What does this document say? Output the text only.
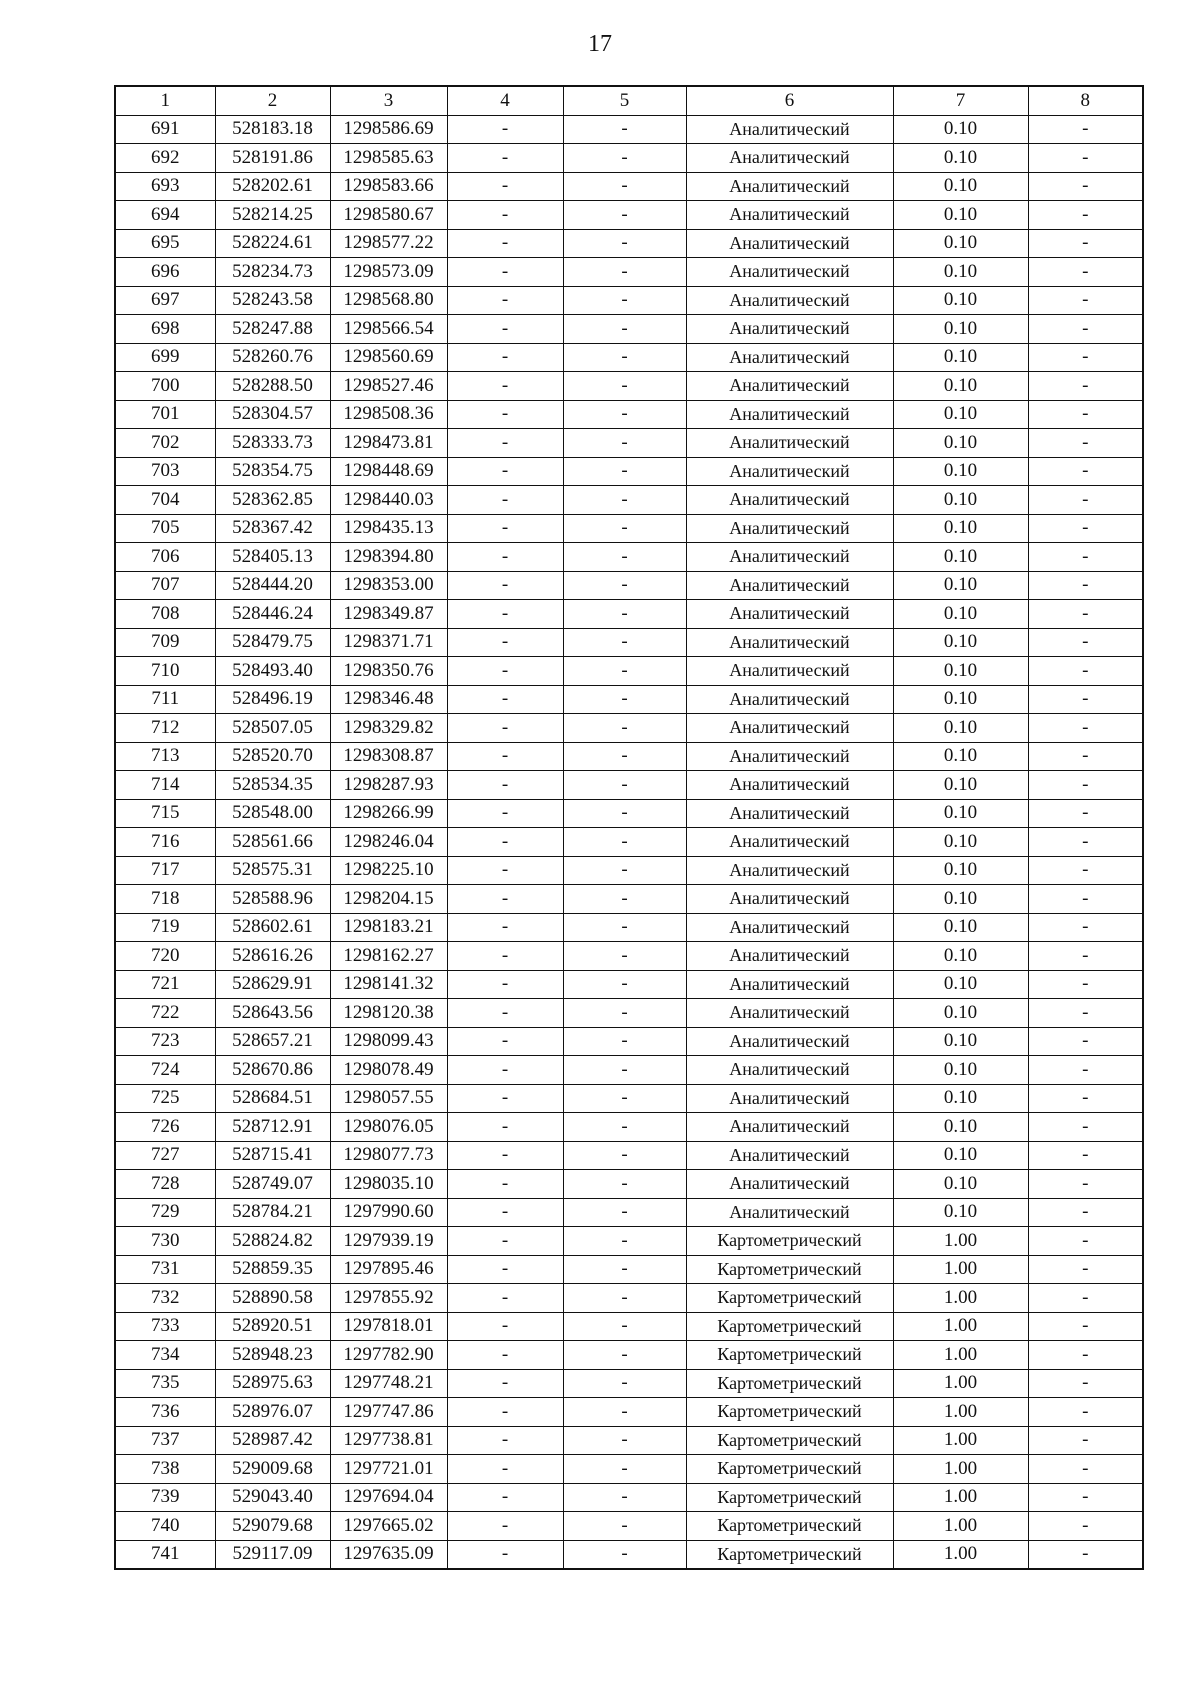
17
1	2	3	4	5	6	7	8
691	528183.18	1298586.69	-	-	Аналитический	0.10	-
692	528191.86	1298585.63	-	-	Аналитический	0.10	-
693	528202.61	1298583.66	-	-	Аналитический	0.10	-
694	528214.25	1298580.67	-	-	Аналитический	0.10	-
695	528224.61	1298577.22	-	-	Аналитический	0.10	-
696	528234.73	1298573.09	-	-	Аналитический	0.10	-
697	528243.58	1298568.80	-	-	Аналитический	0.10	-
698	528247.88	1298566.54	-	-	Аналитический	0.10	-
699	528260.76	1298560.69	-	-	Аналитический	0.10	-
700	528288.50	1298527.46	-	-	Аналитический	0.10	-
701	528304.57	1298508.36	-	-	Аналитический	0.10	-
702	528333.73	1298473.81	-	-	Аналитический	0.10	-
703	528354.75	1298448.69	-	-	Аналитический	0.10	-
704	528362.85	1298440.03	-	-	Аналитический	0.10	-
705	528367.42	1298435.13	-	-	Аналитический	0.10	-
706	528405.13	1298394.80	-	-	Аналитический	0.10	-
707	528444.20	1298353.00	-	-	Аналитический	0.10	-
708	528446.24	1298349.87	-	-	Аналитический	0.10	-
709	528479.75	1298371.71	-	-	Аналитический	0.10	-
710	528493.40	1298350.76	-	-	Аналитический	0.10	-
711	528496.19	1298346.48	-	-	Аналитический	0.10	-
712	528507.05	1298329.82	-	-	Аналитический	0.10	-
713	528520.70	1298308.87	-	-	Аналитический	0.10	-
714	528534.35	1298287.93	-	-	Аналитический	0.10	-
715	528548.00	1298266.99	-	-	Аналитический	0.10	-
716	528561.66	1298246.04	-	-	Аналитический	0.10	-
717	528575.31	1298225.10	-	-	Аналитический	0.10	-
718	528588.96	1298204.15	-	-	Аналитический	0.10	-
719	528602.61	1298183.21	-	-	Аналитический	0.10	-
720	528616.26	1298162.27	-	-	Аналитический	0.10	-
721	528629.91	1298141.32	-	-	Аналитический	0.10	-
722	528643.56	1298120.38	-	-	Аналитический	0.10	-
723	528657.21	1298099.43	-	-	Аналитический	0.10	-
724	528670.86	1298078.49	-	-	Аналитический	0.10	-
725	528684.51	1298057.55	-	-	Аналитический	0.10	-
726	528712.91	1298076.05	-	-	Аналитический	0.10	-
727	528715.41	1298077.73	-	-	Аналитический	0.10	-
728	528749.07	1298035.10	-	-	Аналитический	0.10	-
729	528784.21	1297990.60	-	-	Аналитический	0.10	-
730	528824.82	1297939.19	-	-	Картометрический	1.00	-
731	528859.35	1297895.46	-	-	Картометрический	1.00	-
732	528890.58	1297855.92	-	-	Картометрический	1.00	-
733	528920.51	1297818.01	-	-	Картометрический	1.00	-
734	528948.23	1297782.90	-	-	Картометрический	1.00	-
735	528975.63	1297748.21	-	-	Картометрический	1.00	-
736	528976.07	1297747.86	-	-	Картометрический	1.00	-
737	528987.42	1297738.81	-	-	Картометрический	1.00	-
738	529009.68	1297721.01	-	-	Картометрический	1.00	-
739	529043.40	1297694.04	-	-	Картометрический	1.00	-
740	529079.68	1297665.02	-	-	Картометрический	1.00	-
741	529117.09	1297635.09	-	-	Картометрический	1.00	-
